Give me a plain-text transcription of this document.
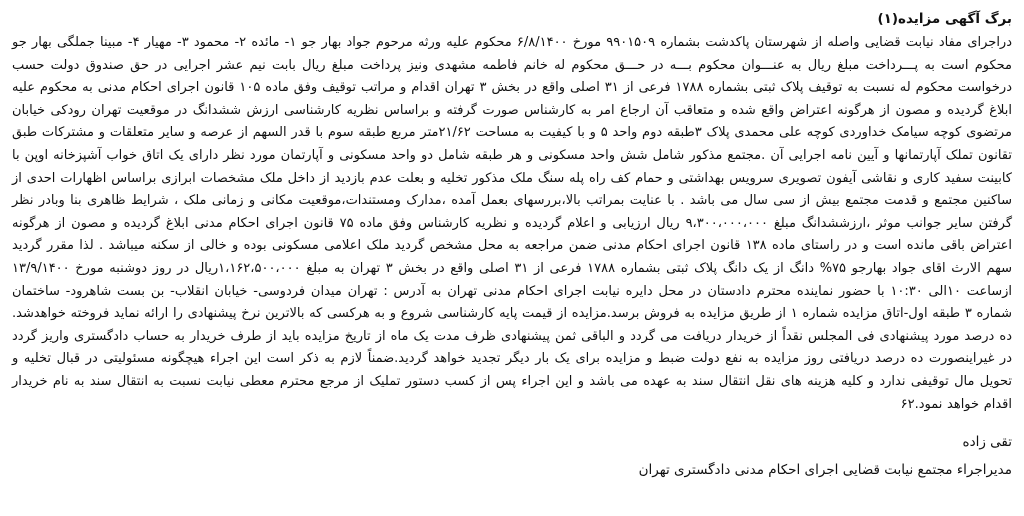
برگ آگهی مزایده(۱)
دراجرای مفاد نیابت قضایی واصله از شهرستان پاکدشت بشماره ۹۹۰۱۵۰۹ مورخ ۶/۸/۱۴۰۰ محکوم علیه ورثه مرحوم جواد بهار جو ۱- مائده ۲- محمود ۳- مهیار ۴- مبینا جملگی بهار جو محکوم است به پـــرداخت مبلغ ریال به عنـــوان محکوم بـــه در حـــق محکوم له خانم فاطمه مشهدی ونیز پرداخت مبلغ ریال بابت نیم عشر اجرایی در حق صندوق دولت حسب درخواست محکوم له نسبت به توقیف پلاک ثبتی بشماره ۱۷۸۸ فرعی از ۳۱ اصلی واقع در بخش ۳ تهران اقدام و مراتب توقیف وفق ماده ۱۰۵ قانون اجرای احکام مدنی به محکوم علیه ابلاغ گردیده و مصون از هرگونه اعتراض واقع شده و متعاقب آن ارجاع امر به کارشناس صورت گرفته و براساس نظریه کارشناسی ارزش ششدانگ در موقعیت تهران رودکی خیابان مرتضوی کوچه سیامک خداوردی کوچه علی محمدی پلاک ۳طبقه دوم واحد ۵ و با کیفیت به مساحت ۲۱/۶۲متر مربع طبقه سوم با قدر السهم از عرصه و سایر متعلقات و مشترکات طبق تقانون تملک آپارتمانها و آیین نامه اجرایی آن .مجتمع مذکور شامل شش واحد مسکونی و هر طبقه شامل دو واحد مسکونی و آپارتمان مورد نظر دارای یک اتاق خواب آشپزخانه اوپن با کابینت سفید کاری و نقاشی آیفون تصویری سرویس بهداشتی و حمام کف راه پله سنگ ملک مذکور تخلیه و بعلت عدم بازدید از داخل ملک مشخصات ابرازی براساس اظهارات احدی از ساکنین مجتمع و قدمت مجتمع بیش از سی سال می باشد . با عنایت بمراتب بالا،بررسهای بعمل آمده ،مدارک ومستندات،موقعیت مکانی و زمانی ملک ، شرایط ظاهری بنا وبادر نظر گرفتن سایر جوانب موثر ،ارزششدانگ مبلغ ۹،۳۰۰،۰۰۰،۰۰۰ ریال ارزیابی و اعلام گردیده و نظریه کارشناس وفق ماده ۷۵ قانون اجرای احکام مدنی ابلاغ گردیده و مصون از هرگونه اعتراض باقی مانده است و در راستای ماده ۱۳۸ قانون اجرای احکام مدنی ضمن مراجعه به محل مشخص گردید ملک اعلامی مسکونی بوده و خالی از سکنه میباشد . لذا مقرر گردید سهم الارث اقای جواد بهارجو ۷۵% دانگ از یک دانگ پلاک ثبتی بشماره ۱۷۸۸ فرعی از ۳۱ اصلی واقع در بخش ۳ تهران به مبلغ ۱،۱۶۲،۵۰۰،۰۰۰ریال در روز دوشنبه مورخ ۱۳/۹/۱۴۰۰ ازساعت ۱۰الی ۱۰:۳۰ با حضور نماینده محترم دادستان در محل دایره نیابت اجرای احکام مدنی تهران به آدرس : تهران میدان فردوسی- خیابان انقلاب- بن بست شاهرود- ساختمان شماره ۳ طبقه اول-اتاق مزایده شماره ۱ از طریق مزایده به فروش برسد.مزایده از قیمت پایه کارشناسی شروع و به هرکسی که بالاترین نرخ پیشنهادی را ارائه نماید فروخته خواهدشد. ده درصد مورد پیشنهادی فی المجلس نقداً از خریدار دریافت می گردد و الباقی ثمن پیشنهادی ظرف مدت یک ماه از تاریخ مزایده باید از طرف خریدار به حساب دادگستری واریز گردد در غیراینصورت ده درصد دریافتی روز مزایده به نفع دولت ضبط و مزایده برای یک بار دیگر تجدید خواهد گردید.ضمناً لازم به ذکر است این اجراء هیچگونه مسئولیتی در قبال تخلیه و تحویل مال توقیفی ندارد و کلیه هزینه های نقل انتقال سند به عهده می باشد و این اجراء پس از کسب دستور تملیک از مرجع محترم معطی نیابت نسبت به انتقال سند به نام خریدار اقدام خواهد نمود.۶۲
تقی زاده
مدیراجراء مجتمع نیابت قضایی اجرای احکام مدنی دادگستری تهران
